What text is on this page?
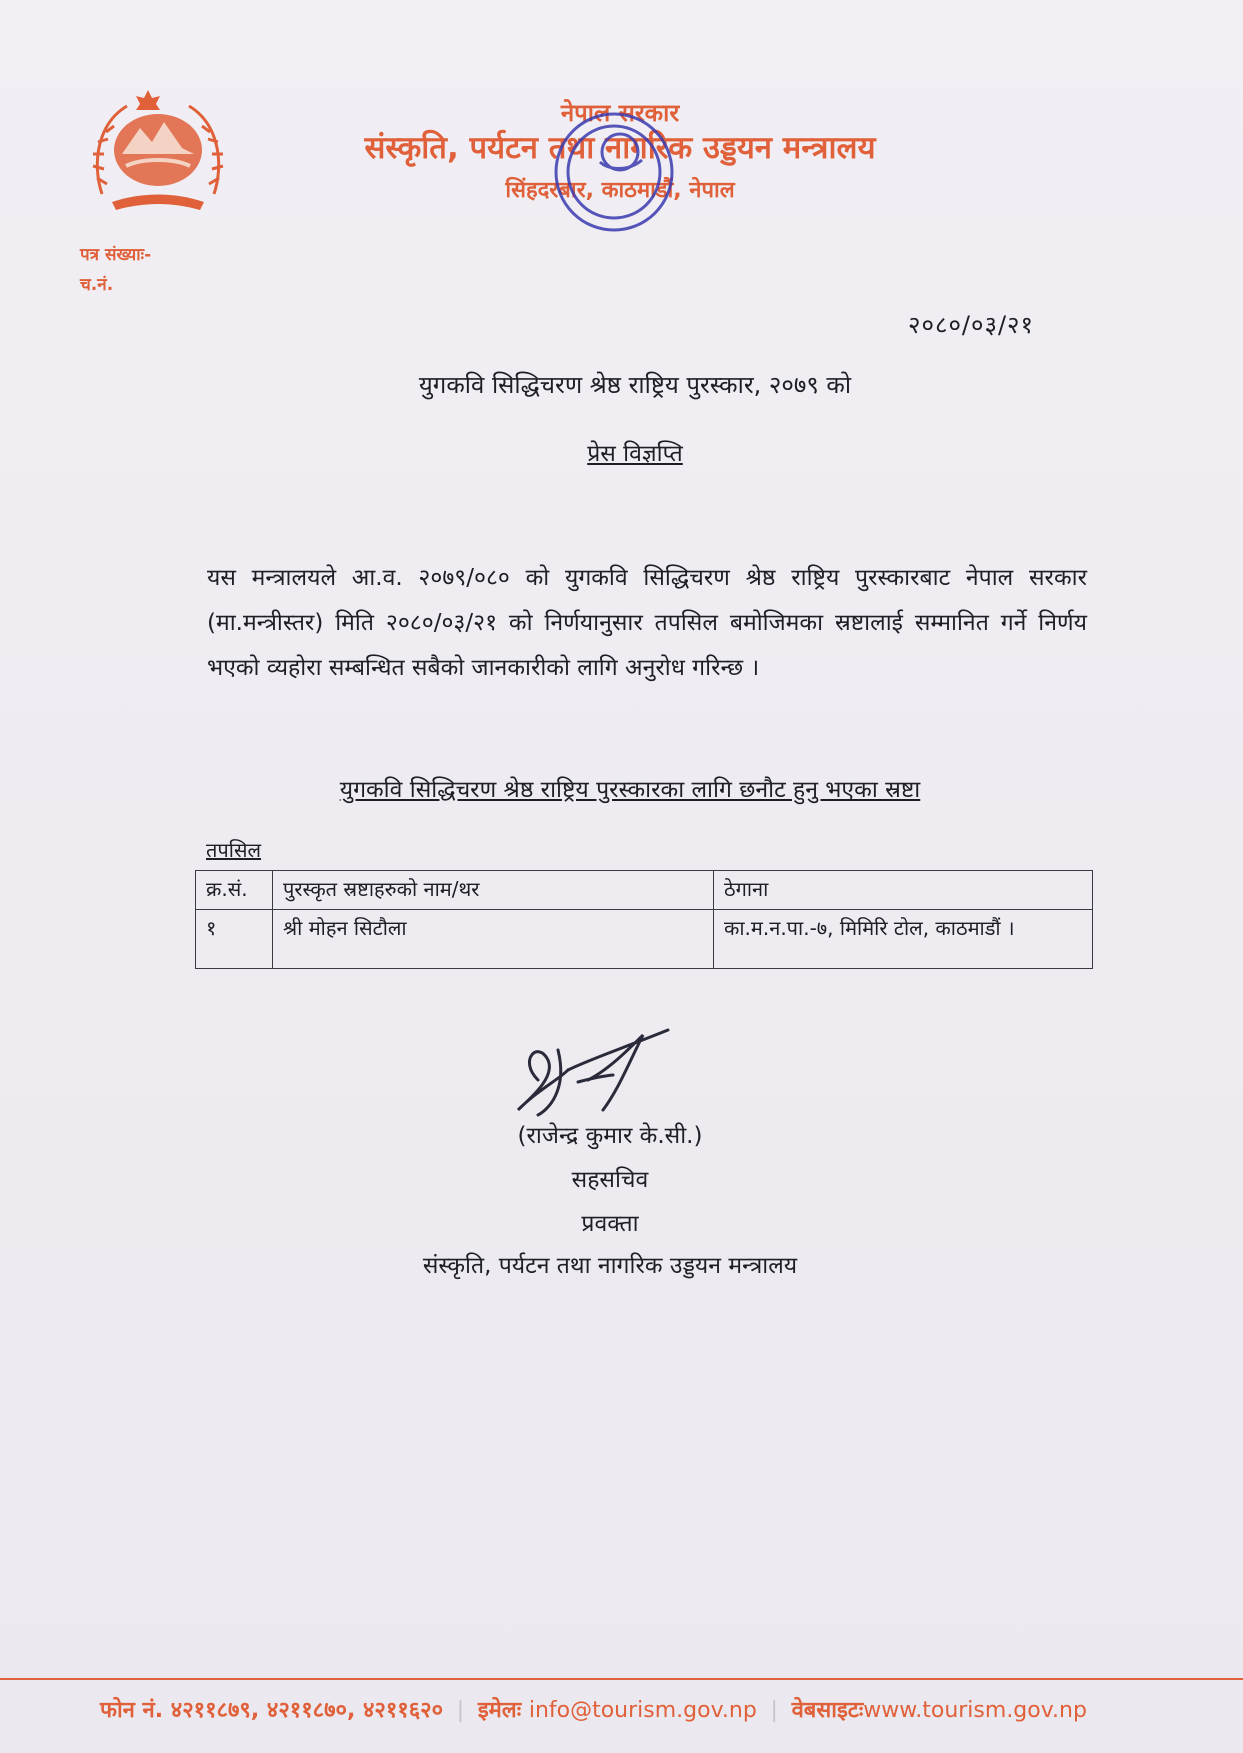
नेपाल सरकार
संस्कृति, पर्यटन तथा नागरिक उड्डयन मन्त्रालय
सिंहदरबार, काठमाडौं, नेपाल
पत्र संख्याः-
च.नं.
२०८०/०३/२१
युगकवि सिद्धिचरण श्रेष्ठ राष्ट्रिय पुरस्कार, २०७९ को
प्रेस विज्ञप्ति
यस मन्त्रालयले आ.व. २०७९/०८० को युगकवि सिद्धिचरण श्रेष्ठ राष्ट्रिय पुरस्कारबाट नेपाल सरकार (मा.मन्त्रीस्तर) मिति २०८०/०३/२१ को निर्णयानुसार तपसिल बमोजिमका स्रष्टालाई सम्मानित गर्ने निर्णय भएको व्यहोरा सम्बन्धित सबैको जानकारीको लागि अनुरोध गरिन्छ ।
युगकवि सिद्धिचरण श्रेष्ठ राष्ट्रिय पुरस्कारका लागि छनौट हुनु भएका स्रष्टा
तपसिल
क्र.सं.	पुरस्कृत स्रष्टाहरुको नाम/थर	ठेगाना
१	श्री मोहन सिटौला	का.म.न.पा.-७, मिमिरि टोल, काठमाडौं ।
(राजेन्द्र कुमार के.सी.)
सहसचिव
प्रवक्ता
संस्कृति, पर्यटन तथा नागरिक उड्डयन मन्त्रालय
फोन नं. ४२११८७९, ४२११८७०, ४२११६२० | इमेलः info@tourism.gov.np | वेबसाइटःwww.tourism.gov.np
